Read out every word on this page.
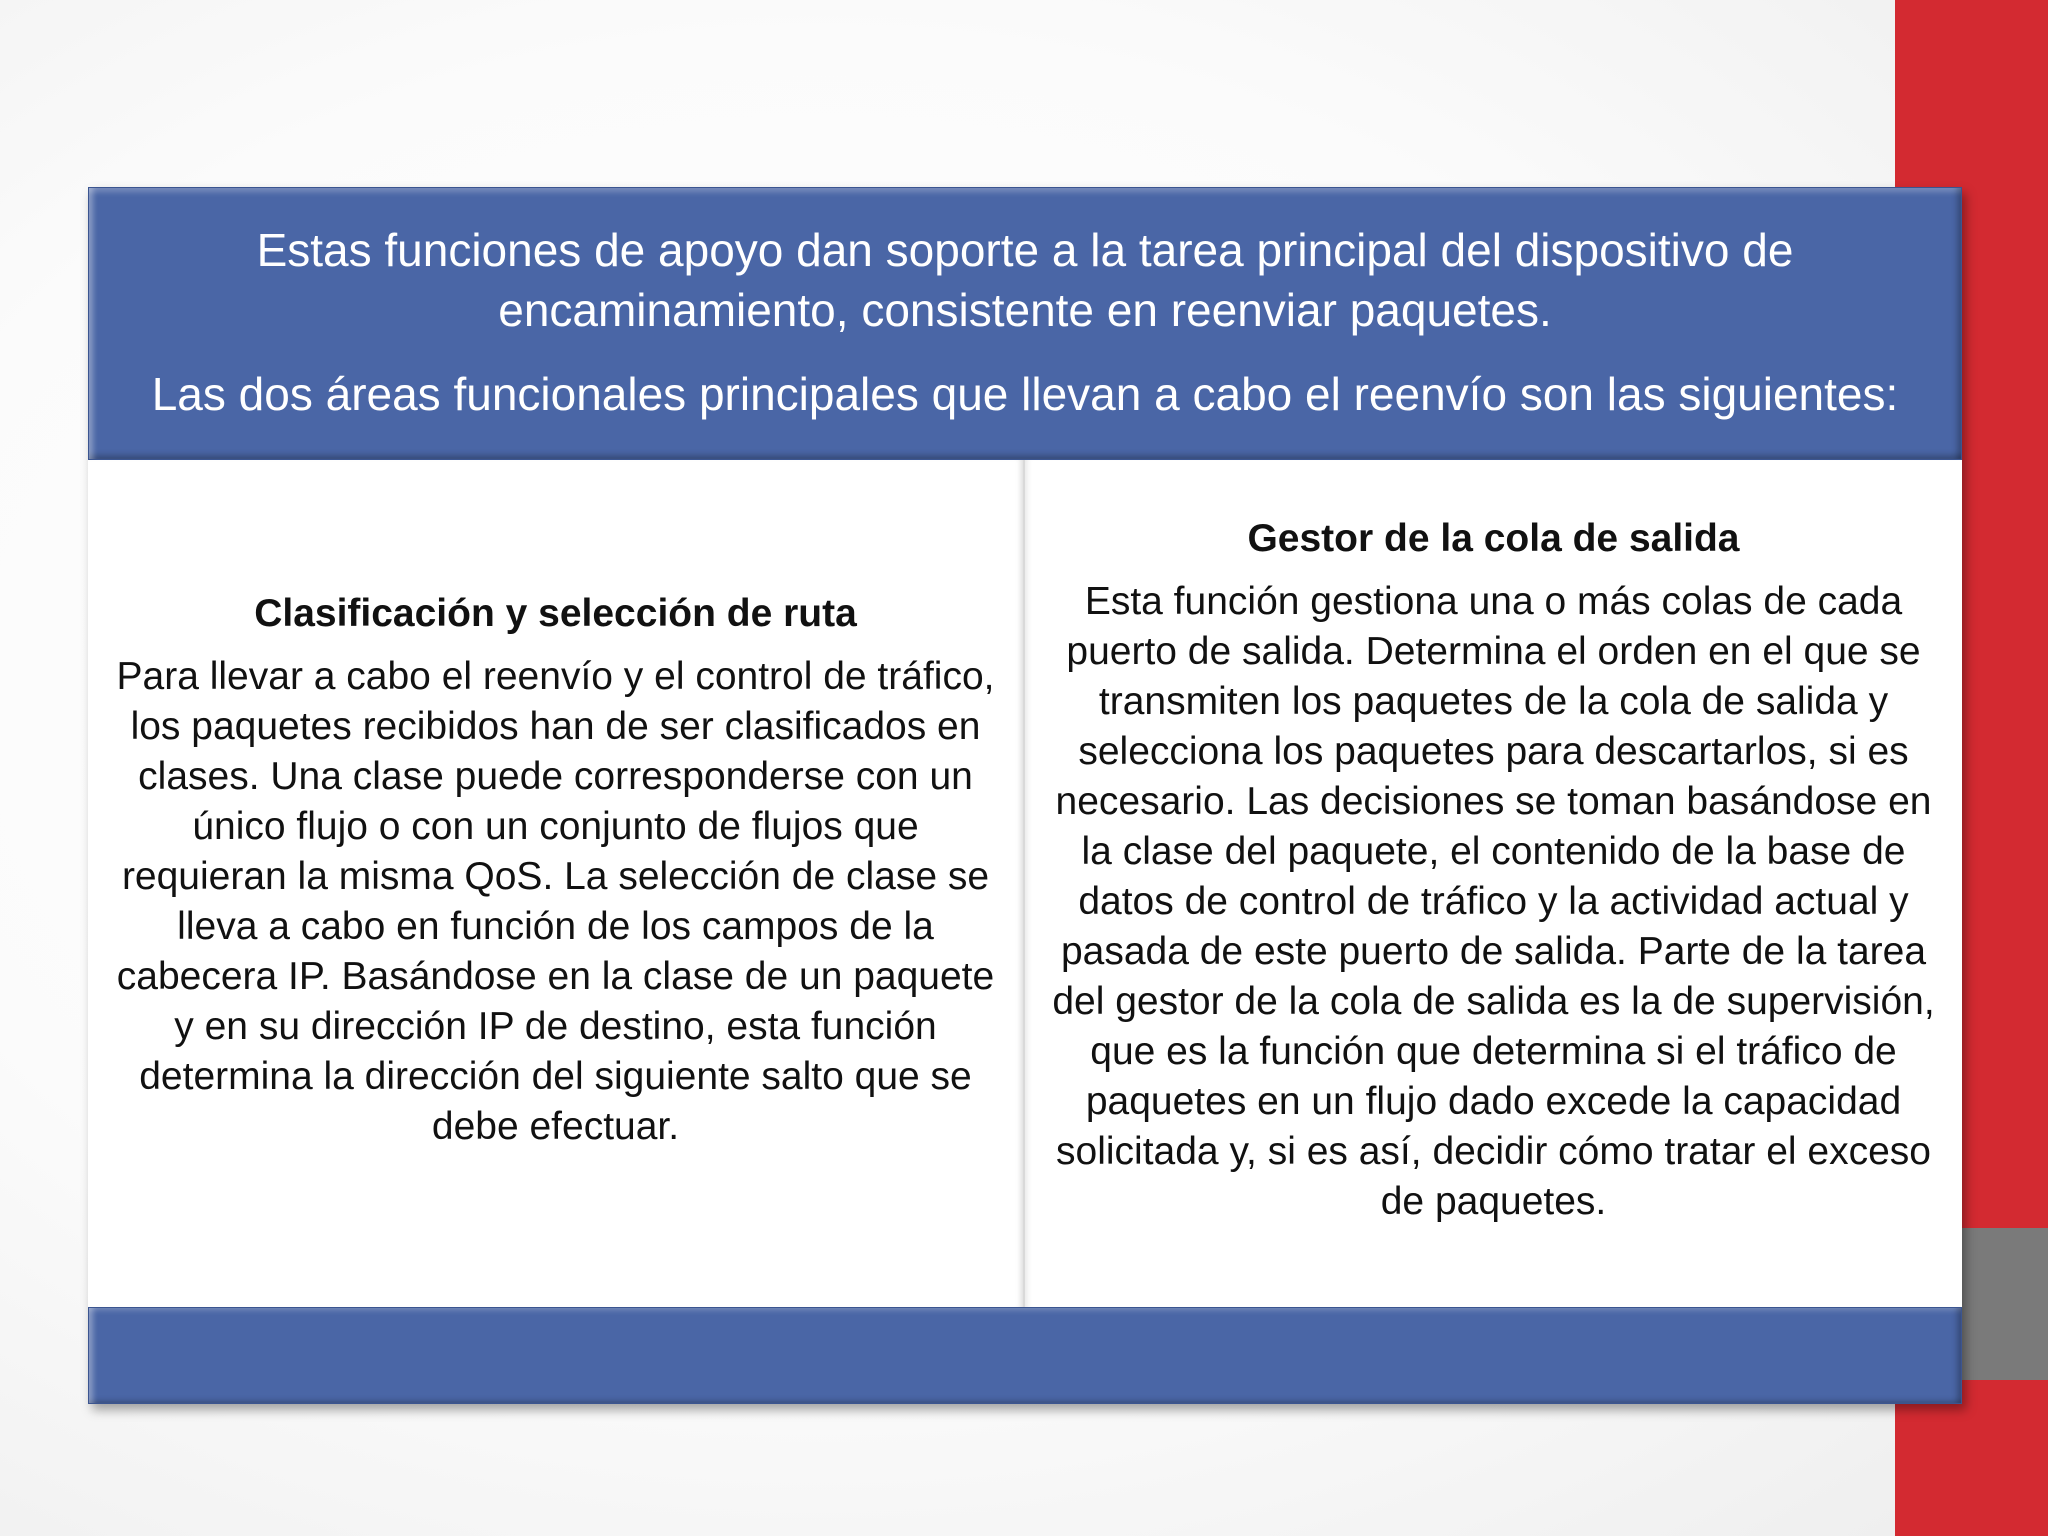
Estas funciones de apoyo dan soporte a la tarea principal del dispositivo de encaminamiento, consistente en reenviar paquetes.
Las dos áreas funcionales principales que llevan a cabo el reenvío son las siguientes:
Clasificación y selección de ruta

Para llevar a cabo el reenvío y el control de tráfico, los paquetes recibidos han de ser clasificados en clases. Una clase puede corresponderse con un único flujo o con un conjunto de flujos que requieran la misma QoS. La selección de clase se lleva a cabo en función de los campos de la cabecera IP. Basándose en la clase de un paquete y en su dirección IP de destino, esta función determina la dirección del siguiente salto que se debe efectuar.

Gestor de la cola de salida

Esta función gestiona una o más colas de cada puerto de salida. Determina el orden en el que se transmiten los paquetes de la cola de salida y selecciona los paquetes para descartarlos, si es necesario. Las decisiones se toman basándose en la clase del paquete, el contenido de la base de datos de control de tráfico y la actividad actual y pasada de este puerto de salida. Parte de la tarea del gestor de la cola de salida es la de supervisión, que es la función que determina si el tráfico de paquetes en un flujo dado excede la capacidad solicitada y, si es así, decidir cómo tratar el exceso de paquetes.
